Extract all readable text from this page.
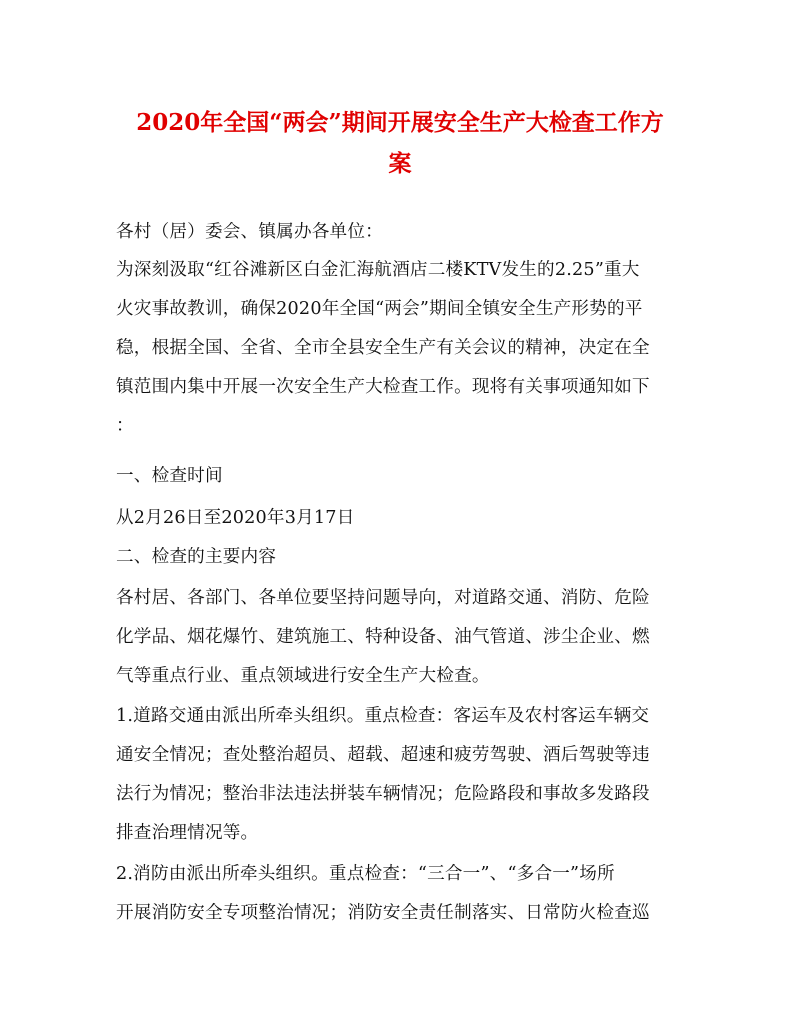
2020年全国“两会”期间开展安全生产大检查工作方
案
各村（居）委会、镇属办各单位：
为深刻汲取“红谷滩新区白金汇海航酒店二楼KTV发生的2.25”重大
火灾事故教训，确保2020年全国“两会”期间全镇安全生产形势的平
稳，根据全国、全省、全市全县安全生产有关会议的精神，决定在全
镇范围内集中开展一次安全生产大检查工作。现将有关事项通知如下
：
一、检查时间
从2月26日至2020年3月17日
二、检查的主要内容
各村居、各部门、各单位要坚持问题导向，对道路交通、消防、危险
化学品、烟花爆竹、建筑施工、特种设备、油气管道、涉尘企业、燃
气等重点行业、重点领域进行安全生产大检查。
1.道路交通由派出所牵头组织。重点检查：客运车及农村客运车辆交
通安全情况；查处整治超员、超载、超速和疲劳驾驶、酒后驾驶等违
法行为情况；整治非法违法拼装车辆情况；危险路段和事故多发路段
排查治理情况等。
2.消防由派出所牵头组织。重点检查：“三合一”、“多合一”场所
开展消防安全专项整治情况；消防安全责任制落实、日常防火检查巡
